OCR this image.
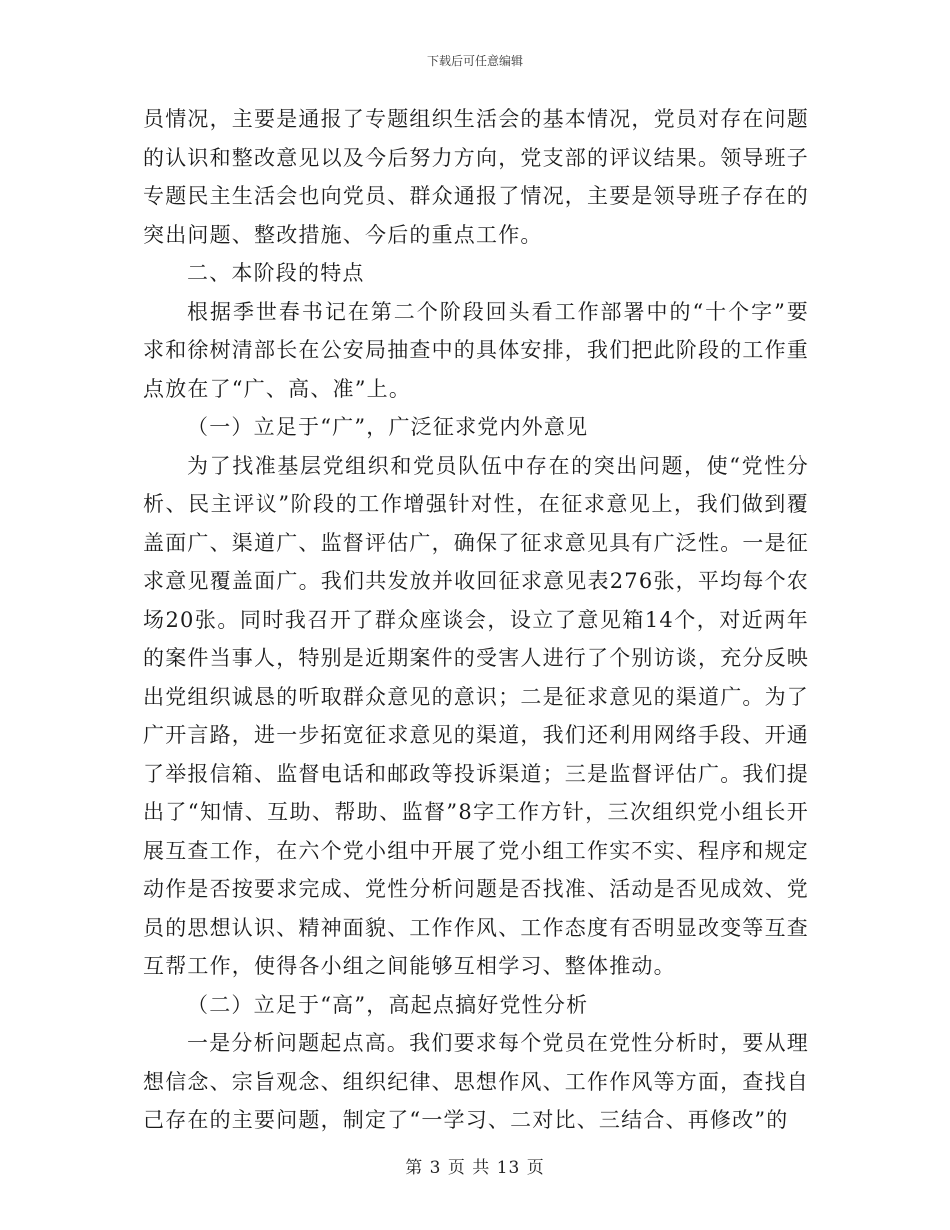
下载后可任意编辑

员情况，主要是通报了专题组织生活会的基本情况，党员对存在问题的认识和整改意见以及今后努力方向，党支部的评议结果。领导班子专题民主生活会也向党员、群众通报了情况，主要是领导班子存在的突出问题、整改措施、今后的重点工作。

二、本阶段的特点

根据季世春书记在第二个阶段回头看工作部署中的“十个字”要求和徐树清部长在公安局抽查中的具体安排，我们把此阶段的工作重点放在了“广、高、准”上。

（一）立足于“广”，广泛征求党内外意见

为了找准基层党组织和党员队伍中存在的突出问题，使“党性分析、民主评议”阶段的工作增强针对性，在征求意见上，我们做到覆盖面广、渠道广、监督评估广，确保了征求意见具有广泛性。一是征求意见覆盖面广。我们共发放并收回征求意见表276张，平均每个农场20张。同时我召开了群众座谈会，设立了意见箱14个，对近两年的案件当事人，特别是近期案件的受害人进行了个别访谈，充分反映出党组织诚恳的听取群众意见的意识；二是征求意见的渠道广。为了广开言路，进一步拓宽征求意见的渠道，我们还利用网络手段、开通了举报信箱、监督电话和邮政等投诉渠道；三是监督评估广。我们提出了“知情、互助、帮助、监督”8字工作方针，三次组织党小组长开展互查工作，在六个党小组中开展了党小组工作实不实、程序和规定动作是否按要求完成、党性分析问题是否找准、活动是否见成效、党员的思想认识、精神面貌、工作作风、工作态度有否明显改变等互查互帮工作，使得各小组之间能够互相学习、整体推动。

（二）立足于“高”，高起点搞好党性分析

一是分析问题起点高。我们要求每个党员在党性分析时，要从理想信念、宗旨观念、组织纪律、思想作风、工作作风等方面，查找自己存在的主要问题，制定了“一学习、二对比、三结合、再修改”的

第 3 页 共 13 页
